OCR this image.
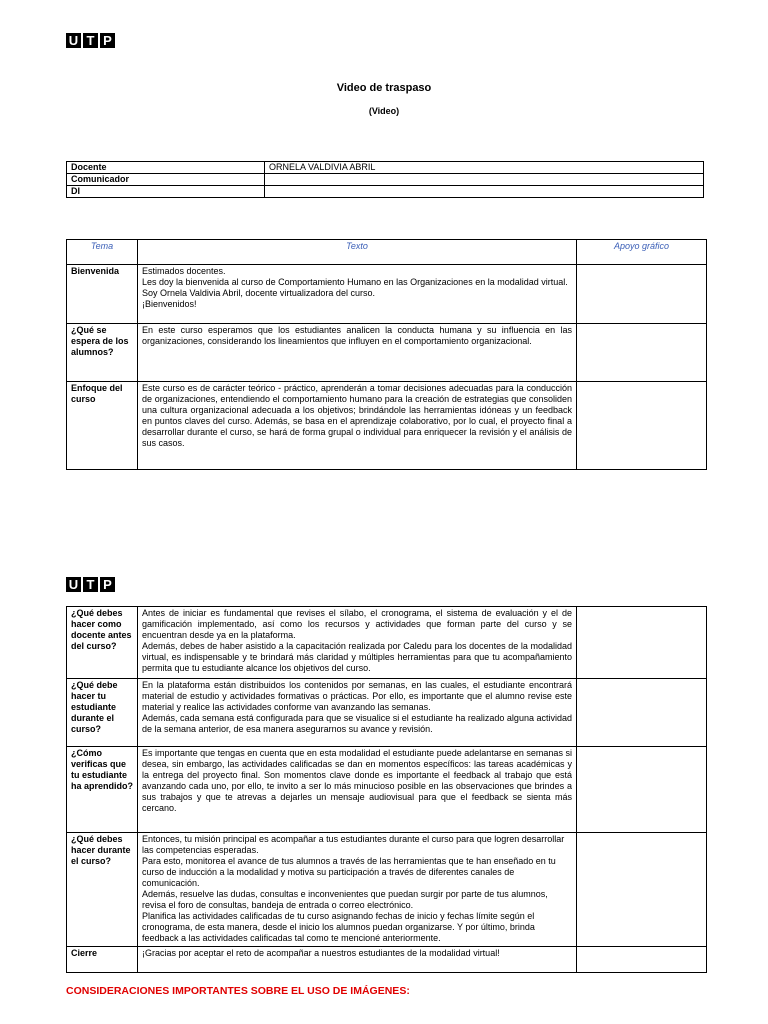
U T P
Video de traspaso
(Video)
Docente	ORNELA VALDIVIA ABRIL
Comunicador	
DI	
Tema	Texto	Apoyo gráfico
Bienvenida	Estimados docentes.
Les doy la bienvenida al curso de Comportamiento Humano en las Organizaciones en la modalidad virtual.
Soy Ornela Valdivia Abril, docente virtualizadora del curso.
¡Bienvenidos!	
¿Qué se espera de los alumnos?	En este curso esperamos que los estudiantes analicen la conducta humana y su influencia en las organizaciones, considerando los lineamientos que influyen en el comportamiento organizacional.	
Enfoque del curso	Este curso es de carácter teórico - práctico, aprenderán a tomar decisiones adecuadas para la conducción de organizaciones, entendiendo el comportamiento humano para la creación de estrategias que consoliden una cultura organizacional adecuada a los objetivos; brindándole las herramientas idóneas y un feedback en puntos claves del curso. Además, se basa en el aprendizaje colaborativo, por lo cual, el proyecto final a desarrollar durante el curso, se hará de forma grupal o individual para enriquecer la revisión y el análisis de sus casos.	
U T P
¿Qué debes hacer como docente antes del curso?	Antes de iniciar es fundamental que revises el sílabo, el cronograma, el sistema de evaluación y el de gamificación implementado, así como los recursos y actividades que forman parte del curso y se encuentran desde ya en la plataforma.
Además, debes de haber asistido a la capacitación realizada por Caledu para los docentes de la modalidad virtual, es indispensable y te brindará más claridad y múltiples herramientas para que tu acompañamiento permita que tu estudiante alcance los objetivos del curso.	
¿Qué debe hacer tu estudiante durante el curso?	En la plataforma están distribuidos los contenidos por semanas, en las cuales, el estudiante encontrará material de estudio y actividades formativas o prácticas. Por ello, es importante que el alumno revise este material y realice las actividades conforme van avanzando las semanas.
Además, cada semana está configurada para que se visualice si el estudiante ha realizado alguna actividad de la semana anterior, de esa manera asegurarnos su avance y revisión.	
¿Cómo verificas que tu estudiante ha aprendido?	Es importante que tengas en cuenta que en esta modalidad el estudiante puede adelantarse en semanas si desea, sin embargo, las actividades calificadas se dan en momentos específicos: las tareas académicas y la entrega del proyecto final. Son momentos clave donde es importante el feedback al trabajo que está avanzando cada uno, por ello, te invito a ser lo más minucioso posible en las observaciones que brindes a sus trabajos y que te atrevas a dejarles un mensaje audiovisual para que el feedback se sienta más cercano.	
¿Qué debes hacer durante el curso?	Entonces, tu misión principal es acompañar a tus estudiantes durante el curso para que logren desarrollar las competencias esperadas.
Para esto, monitorea el avance de tus alumnos a través de las herramientas que te han enseñado en tu curso de inducción a la modalidad y motiva su participación a través de diferentes canales de comunicación.
Además, resuelve las dudas, consultas e inconvenientes que puedan surgir por parte de tus alumnos, revisa el foro de consultas, bandeja de entrada o correo electrónico.
Planifica las actividades calificadas de tu curso asignando fechas de inicio y fechas límite según el cronograma, de esta manera, desde el inicio los alumnos puedan organizarse. Y por último, brinda feedback a las actividades calificadas tal como te mencioné anteriormente.	
Cierre	¡Gracias por aceptar el reto de acompañar a nuestros estudiantes de la modalidad virtual!	
CONSIDERACIONES IMPORTANTES SOBRE EL USO DE IMÁGENES:
